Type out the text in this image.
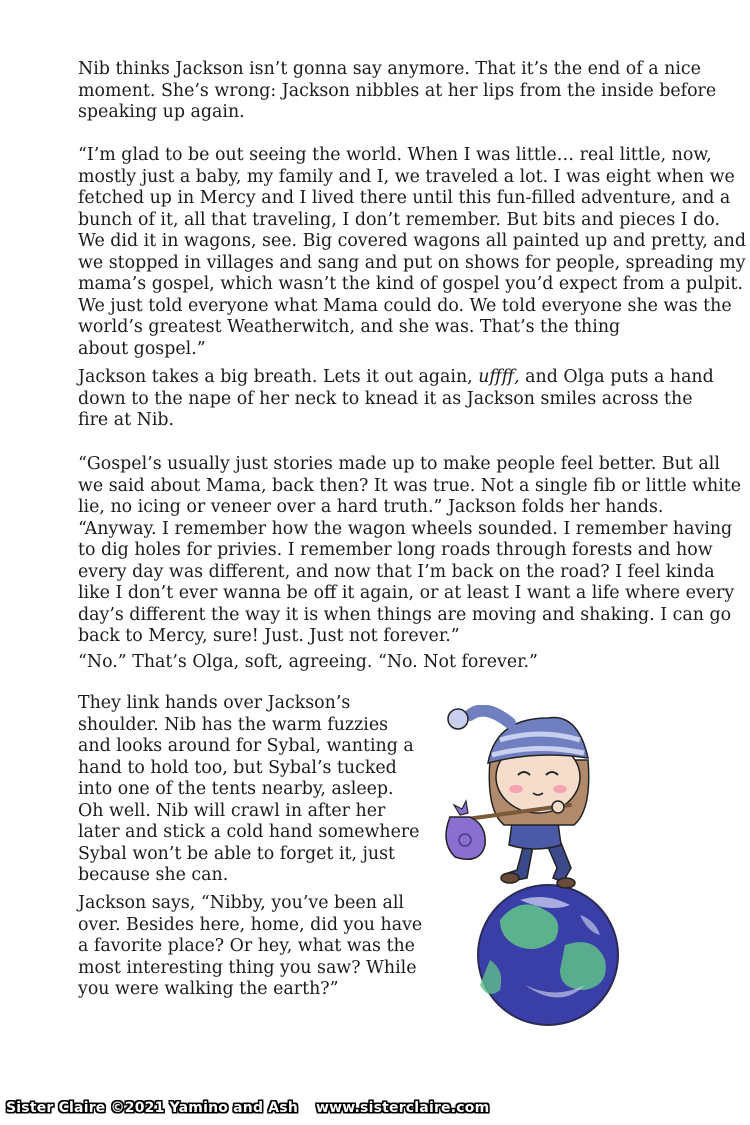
Nib thinks Jackson isn’t gonna say anymore. That it’s the end of a nice
moment. She’s wrong: Jackson nibbles at her lips from the inside before
speaking up again.
“I’m glad to be out seeing the world. When I was little… real little, now,
mostly just a baby, my family and I, we traveled a lot. I was eight when we
fetched up in Mercy and I lived there until this fun-filled adventure, and a
bunch of it, all that traveling, I don’t remember. But bits and pieces I do.
We did it in wagons, see. Big covered wagons all painted up and pretty, and
we stopped in villages and sang and put on shows for people, spreading my
mama’s gospel, which wasn’t the kind of gospel you’d expect from a pulpit.
We just told everyone what Mama could do. We told everyone she was the
world’s greatest Weatherwitch, and she was. That’s the thing
about gospel.”
Jackson takes a big breath. Lets it out again, uffff, and Olga puts a hand
down to the nape of her neck to knead it as Jackson smiles across the
fire at Nib.
“Gospel’s usually just stories made up to make people feel better. But all
we said about Mama, back then? It was true. Not a single fib or little white
lie, no icing or veneer over a hard truth.” Jackson folds her hands.
“Anyway. I remember how the wagon wheels sounded. I remember having
to dig holes for privies. I remember long roads through forests and how
every day was different, and now that I’m back on the road? I feel kinda
like I don’t ever wanna be off it again, or at least I want a life where every
day’s different the way it is when things are moving and shaking. I can go
back to Mercy, sure! Just. Just not forever.”
“No.” That’s Olga, soft, agreeing. “No. Not forever.”
They link hands over Jackson’s
shoulder. Nib has the warm fuzzies
and looks around for Sybal, wanting a
hand to hold too, but Sybal’s tucked
into one of the tents nearby, asleep.
Oh well. Nib will crawl in after her
later and stick a cold hand somewhere
Sybal won’t be able to forget it, just
because she can.
Jackson says, “Nibby, you’ve been all
over. Besides here, home, did you have
a favorite place? Or hey, what was the
most interesting thing you saw? While
you were walking the earth?”
Sister Claire ©2021 Yamino and Ash www.sisterclaire.com
